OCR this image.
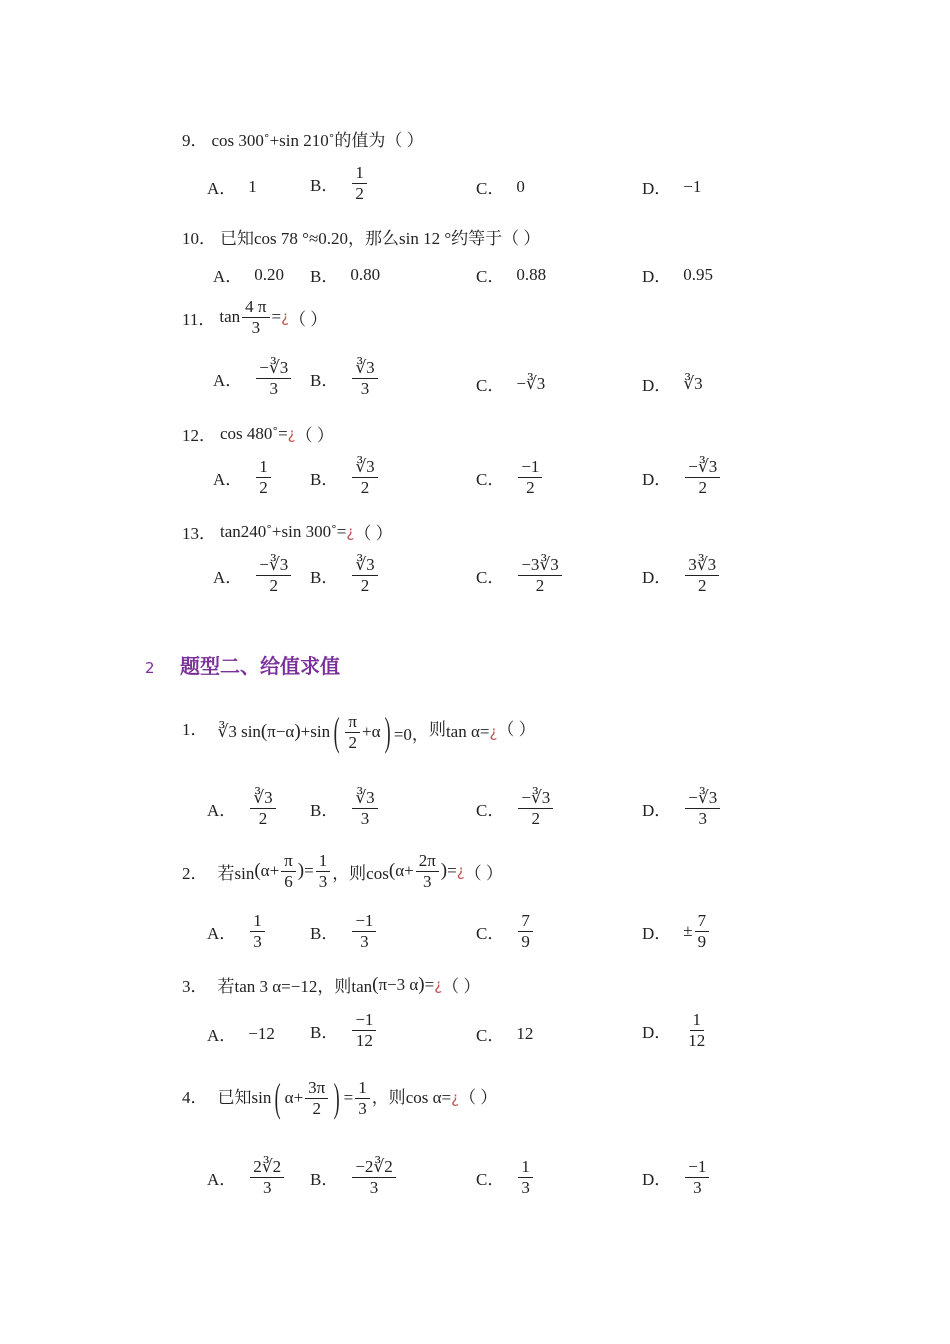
9． cos 300˚+sin 210˚的值为（ ）
A． 1	B． $\frac{1}{2}$	C． 0	D． −1
10． 已知cos 78 °≈0.20，那么sin 12 °约等于（ ）
A． 0.20 B． 0.80	C． 0.88	D． 0.95
11． $\tan \frac{4 \pi}{3}$ = ¿ （ ）
A． $\frac{-∛3}{3}$ B． $\frac{∛3}{3}$	C． −∛3	D． ∛3
12． cos 480˚= ¿ （ ）
A． $\frac{1}{2}$ B． $\frac{∛3}{2}$	C． $\frac{-1}{2}$	D． $\frac{-∛3}{2}$
13． tan240˚+sin 300˚= ¿ （ ）
A． $\frac{-∛3}{2}$ B． $\frac{∛3}{2}$	C． $\frac{-3∛3}{2}$	D． $\frac{3∛3}{2}$
2 题型二、给值求值
1． ∛3 sin ( π−α ) +sin ( $\frac{\pi}{2} +\alpha$ ) =0， 则 tan α= ¿ （ ）
A． $\frac{∛3}{2}$ B． $\frac{∛3}{3}$	C． $\frac{-∛3}{2}$	D． $\frac{-∛3}{3}$
2． 若sin ( $\alpha+ \frac{\pi}{6}$ ) = $\frac{1}{3}$ ，则cos ( $\alpha+ \frac{2\pi}{3}$ ) = ¿ （ ）
A． $\frac{1}{3}$	B． $\frac{-1}{3}$	C． $\frac{7}{9}$	D． ± $\frac{7}{9}$
3． 若tan 3 α=−12，则tan ( π−3 α ) = ¿ （ ）
A． −12 B． $\frac{-1}{12}$	C． 12	D． $\frac{1}{12}$
4． 已知 sin ( $\alpha+ \frac{3\pi}{2}$ ) = $\frac{1}{3}$ ，则 cos α= ¿ （ ）
A． $\frac{2∛2}{3}$ B． $\frac{-2∛2}{3}$	C． $\frac{1}{3}$	D． $\frac{-1}{3}$
